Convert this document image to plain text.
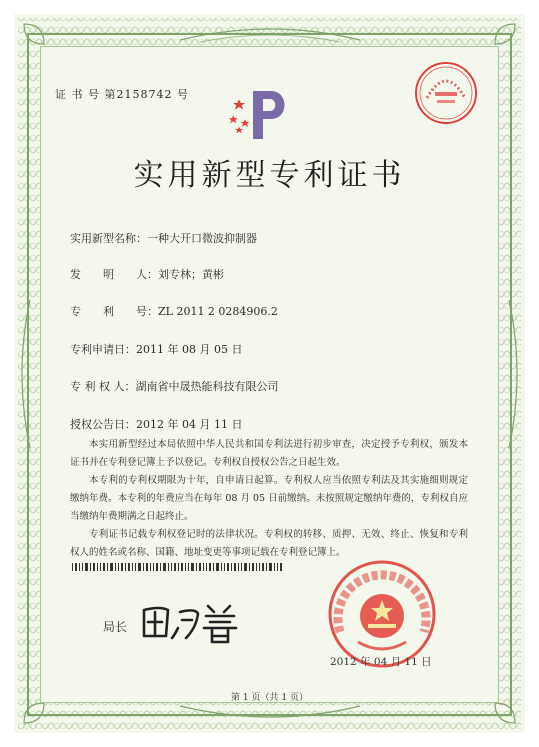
证 书 号 第2158742 号
实用新型专利证书
实用新型名称：一种大开口微波抑制器
发　　明　　人：刘专林；黄彬
专　　利　　号：ZL 2011 2 0284906.2
专利申请日：2011 年 08 月 05 日
专 利 权 人：湖南省中晟热能科技有限公司
授权公告日：2012 年 04 月 11 日

本实用新型经过本局依照中华人民共和国专利法进行初步审查，决定授予专利权，颁发本证书并在专利登记簿上予以登记。专利权自授权公告之日起生效。

本专利的专利权期限为十年，自申请日起算。专利权人应当依照专利法及其实施细则规定缴纳年费。本专利的年费应当在每年 08 月 05 日前缴纳。未按照规定缴纳年费的，专利权自应当缴纳年费期满之日起终止。

专利证书记载专利权登记时的法律状况。专利权的转移、质押、无效、终止、恢复和专利权人的姓名或名称、国籍、地址变更等事项记载在专利登记簿上。

局长
2012 年 04 月 11 日
第 1 页（共 1 页）
